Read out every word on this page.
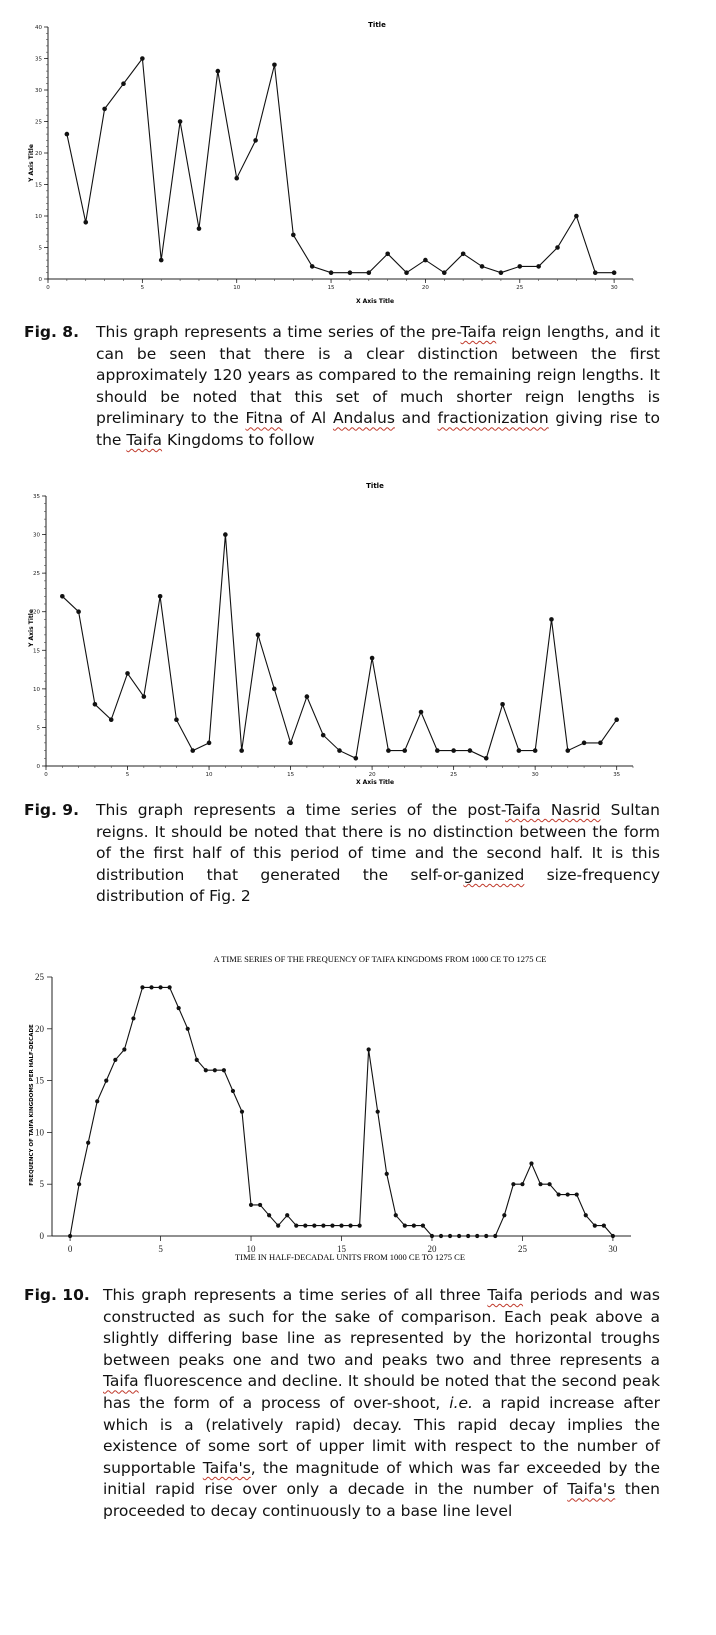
Title
Y Axis Title
X Axis Title
0	5	10	15	20	25	30
0
5
10
15
20
25
30
35
40
Fig. 8. This graph represents a time series of the pre-Taifa reign lengths, and it can be seen that there is a clear distinction between the first approximately 120 years as compared to the remaining reign lengths. It should be noted that this set of much shorter reign lengths is preliminary to the Fitna of Al Andalus and fractionization giving rise to the Taifa Kingdoms to follow
Title
Y Axis Title
X Axis Title
0	5	10	15	20	25	30	35
0
5
10
15
20
25
30
35
Fig. 9. This graph represents a time series of the post-Taifa Nasrid Sultan reigns. It should be noted that there is no distinction between the form of the first half of this period of time and the second half. It is this distribution that generated the self-or-ganized size-frequency distribution of Fig. 2
A TIME SERIES OF THE FREQUENCY OF TAIFA KINGDOMS FROM 1000 CE TO 1275 CE
FREQUENCY OF TAIFA KINGDOMS PER HALF-DECADE
TIME IN HALF-DECADAL UNITS FROM 1000 CE TO 1275 CE
0	5	10	15	20	25	30
0
5
10
15
20
25
Fig. 10. This graph represents a time series of all three Taifa periods and was constructed as such for the sake of comparison. Each peak above a slightly differing base line as represented by the horizontal troughs between peaks one and two and peaks two and three represents a Taifa fluorescence and decline. It should be noted that the second peak has the form of a process of over-shoot, i.e. a rapid increase after which is a (relatively rapid) decay. This rapid decay implies the existence of some sort of upper limit with respect to the number of supportable Taifa's, the magnitude of which was far exceeded by the initial rapid rise over only a decade in the number of Taifa's then proceeded to decay continuously to a base line level
